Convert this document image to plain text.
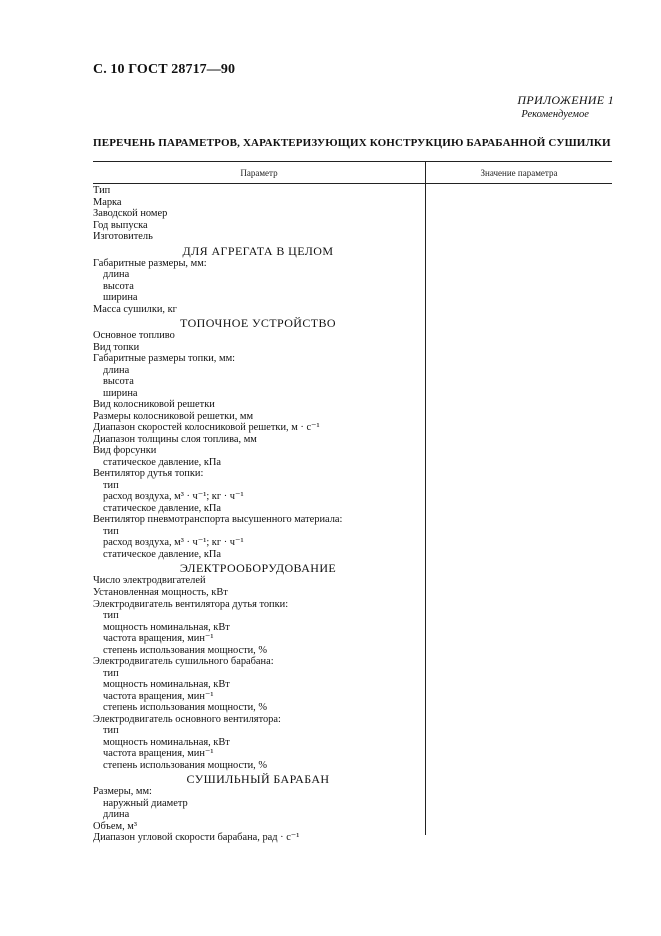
С. 10 ГОСТ 28717—90
ПРИЛОЖЕНИЕ 1
Рекомендуемое
ПЕРЕЧЕНЬ ПАРАМЕТРОВ, ХАРАКТЕРИЗУЮЩИХ КОНСТРУКЦИЮ БАРАБАННОЙ СУШИЛКИ
Параметр	Значение параметра
Тип
Марка
Заводской номер
Год выпуска
Изготовитель
ДЛЯ АГРЕГАТА В ЦЕЛОМ
Габаритные размеры, мм:
длина
высота
ширина
Масса сушилки, кг
ТОПОЧНОЕ УСТРОЙСТВО
Основное топливо
Вид топки
Габаритные размеры топки, мм:
длина
высота
ширина
Вид колосниковой решетки
Размеры колосниковой решетки, мм
Диапазон скоростей колосниковой решетки, м · с⁻¹
Диапазон толщины слоя топлива, мм
Вид форсунки
статическое давление, кПа
Вентилятор дутья топки:
тип
расход воздуха, м³ · ч⁻¹; кг · ч⁻¹
статическое давление, кПа
Вентилятор пневмотранспорта высушенного материала:
тип
расход воздуха, м³ · ч⁻¹; кг · ч⁻¹
статическое давление, кПа
ЭЛЕКТРООБОРУДОВАНИЕ
Число электродвигателей
Установленная мощность, кВт
Электродвигатель вентилятора дутья топки:
тип
мощность номинальная, кВт
частота вращения, мин⁻¹
степень использования мощности, %
Электродвигатель сушильного барабана:
тип
мощность номинальная, кВт
частота вращения, мин⁻¹
степень использования мощности, %
Электродвигатель основного вентилятора:
тип
мощность номинальная, кВт
частота вращения, мин⁻¹
степень использования мощности, %
СУШИЛЬНЫЙ БАРАБАН
Размеры, мм:
наружный диаметр
длина
Объем, м³
Диапазон угловой скорости барабана, рад · с⁻¹
